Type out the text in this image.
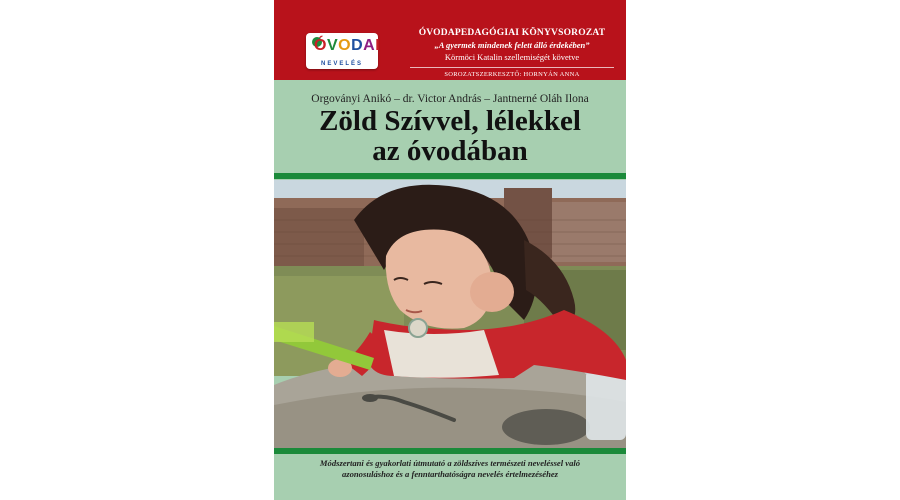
ÓVODAI
NEVELÉS
ÓVODAPEDAGÓGIAI KÖNYVSOROZAT
„A gyermek mindenek felett álló érdekében”
Körmöci Katalin szellemiségét követve
SOROZATSZERKESZTŐ: HORNYÁN ANNA
Orgoványi Anikó – dr. Victor András – Jantnerné Oláh Ilona
Zöld Szívvel, lélekkel
az óvodában
Módszertani és gyakorlati útmutató a zöldszíves természeti neveléssel való
azonosuláshoz és a fenntarthatóságra nevelés értelmezéséhez
